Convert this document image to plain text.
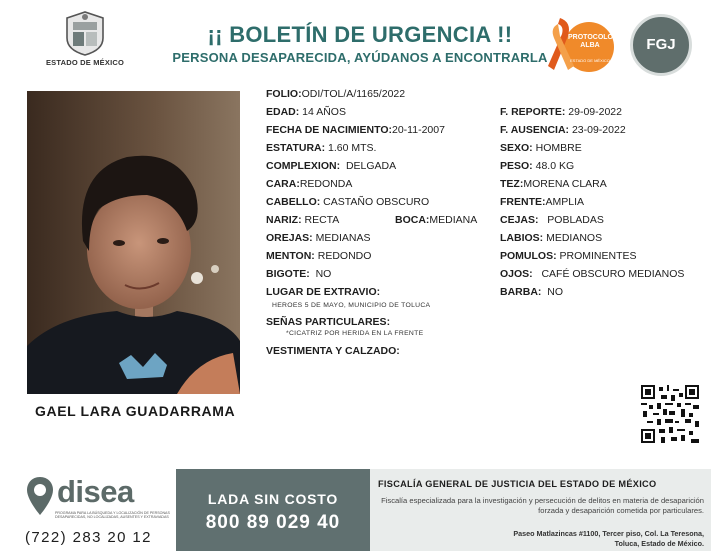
ESTADO DE MÉXICO
¡¡ BOLETÍN DE URGENCIA !!
PERSONA DESAPARECIDA, AYÚDANOS A ENCONTRARLA
PROTOCOLO
ALBA
ESTADO DE MÉXICO
FGJ
GAEL LARA GUADARRAMA
FOLIO:ODI/TOL/A/1165/2022
EDAD: 14 AÑOS
FECHA DE NACIMIENTO:20-11-2007
ESTATURA: 1.60 MTS.
COMPLEXION: DELGADA
CARA:REDONDA
CABELLO: CASTAÑO OBSCURO
NARIZ: RECTA	BOCA:MEDIANA
OREJAS: MEDIANAS
MENTON: REDONDO
BIGOTE: NO
LUGAR DE EXTRAVIO:
HEROES 5 DE MAYO, MUNICIPIO DE TOLUCA
SEÑAS PARTICULARES:
*CICATRIZ POR HERIDA EN LA FRENTE
VESTIMENTA Y CALZADO:
F. REPORTE: 29-09-2022
F. AUSENCIA: 23-09-2022
SEXO: HOMBRE
PESO: 48.0 KG
TEZ:MORENA CLARA
FRENTE:AMPLIA
CEJAS: POBLADAS
LABIOS: MEDIANOS
POMULOS: PROMINENTES
OJOS: CAFÉ OBSCURO MEDIANOS
BARBA: NO
disea
PROGRAMA PARA LA BÚSQUEDA Y LOCALIZACIÓN DE PERSONAS DESAPARECIDAS, NO LOCALIZADAS, AUSENTES Y EXTRAVIADAS
(722) 283 20 12
LADA SIN COSTO
800 89 029 40
FISCALÍA GENERAL DE JUSTICIA DEL ESTADO DE MÉXICO
Fiscalía especializada para la investigación y persecución de delitos en materia de desaparición forzada y desaparición cometida por particulares.
Paseo Matlazincas #1100, Tercer piso, Col. La Teresona,
Toluca, Estado de México.
